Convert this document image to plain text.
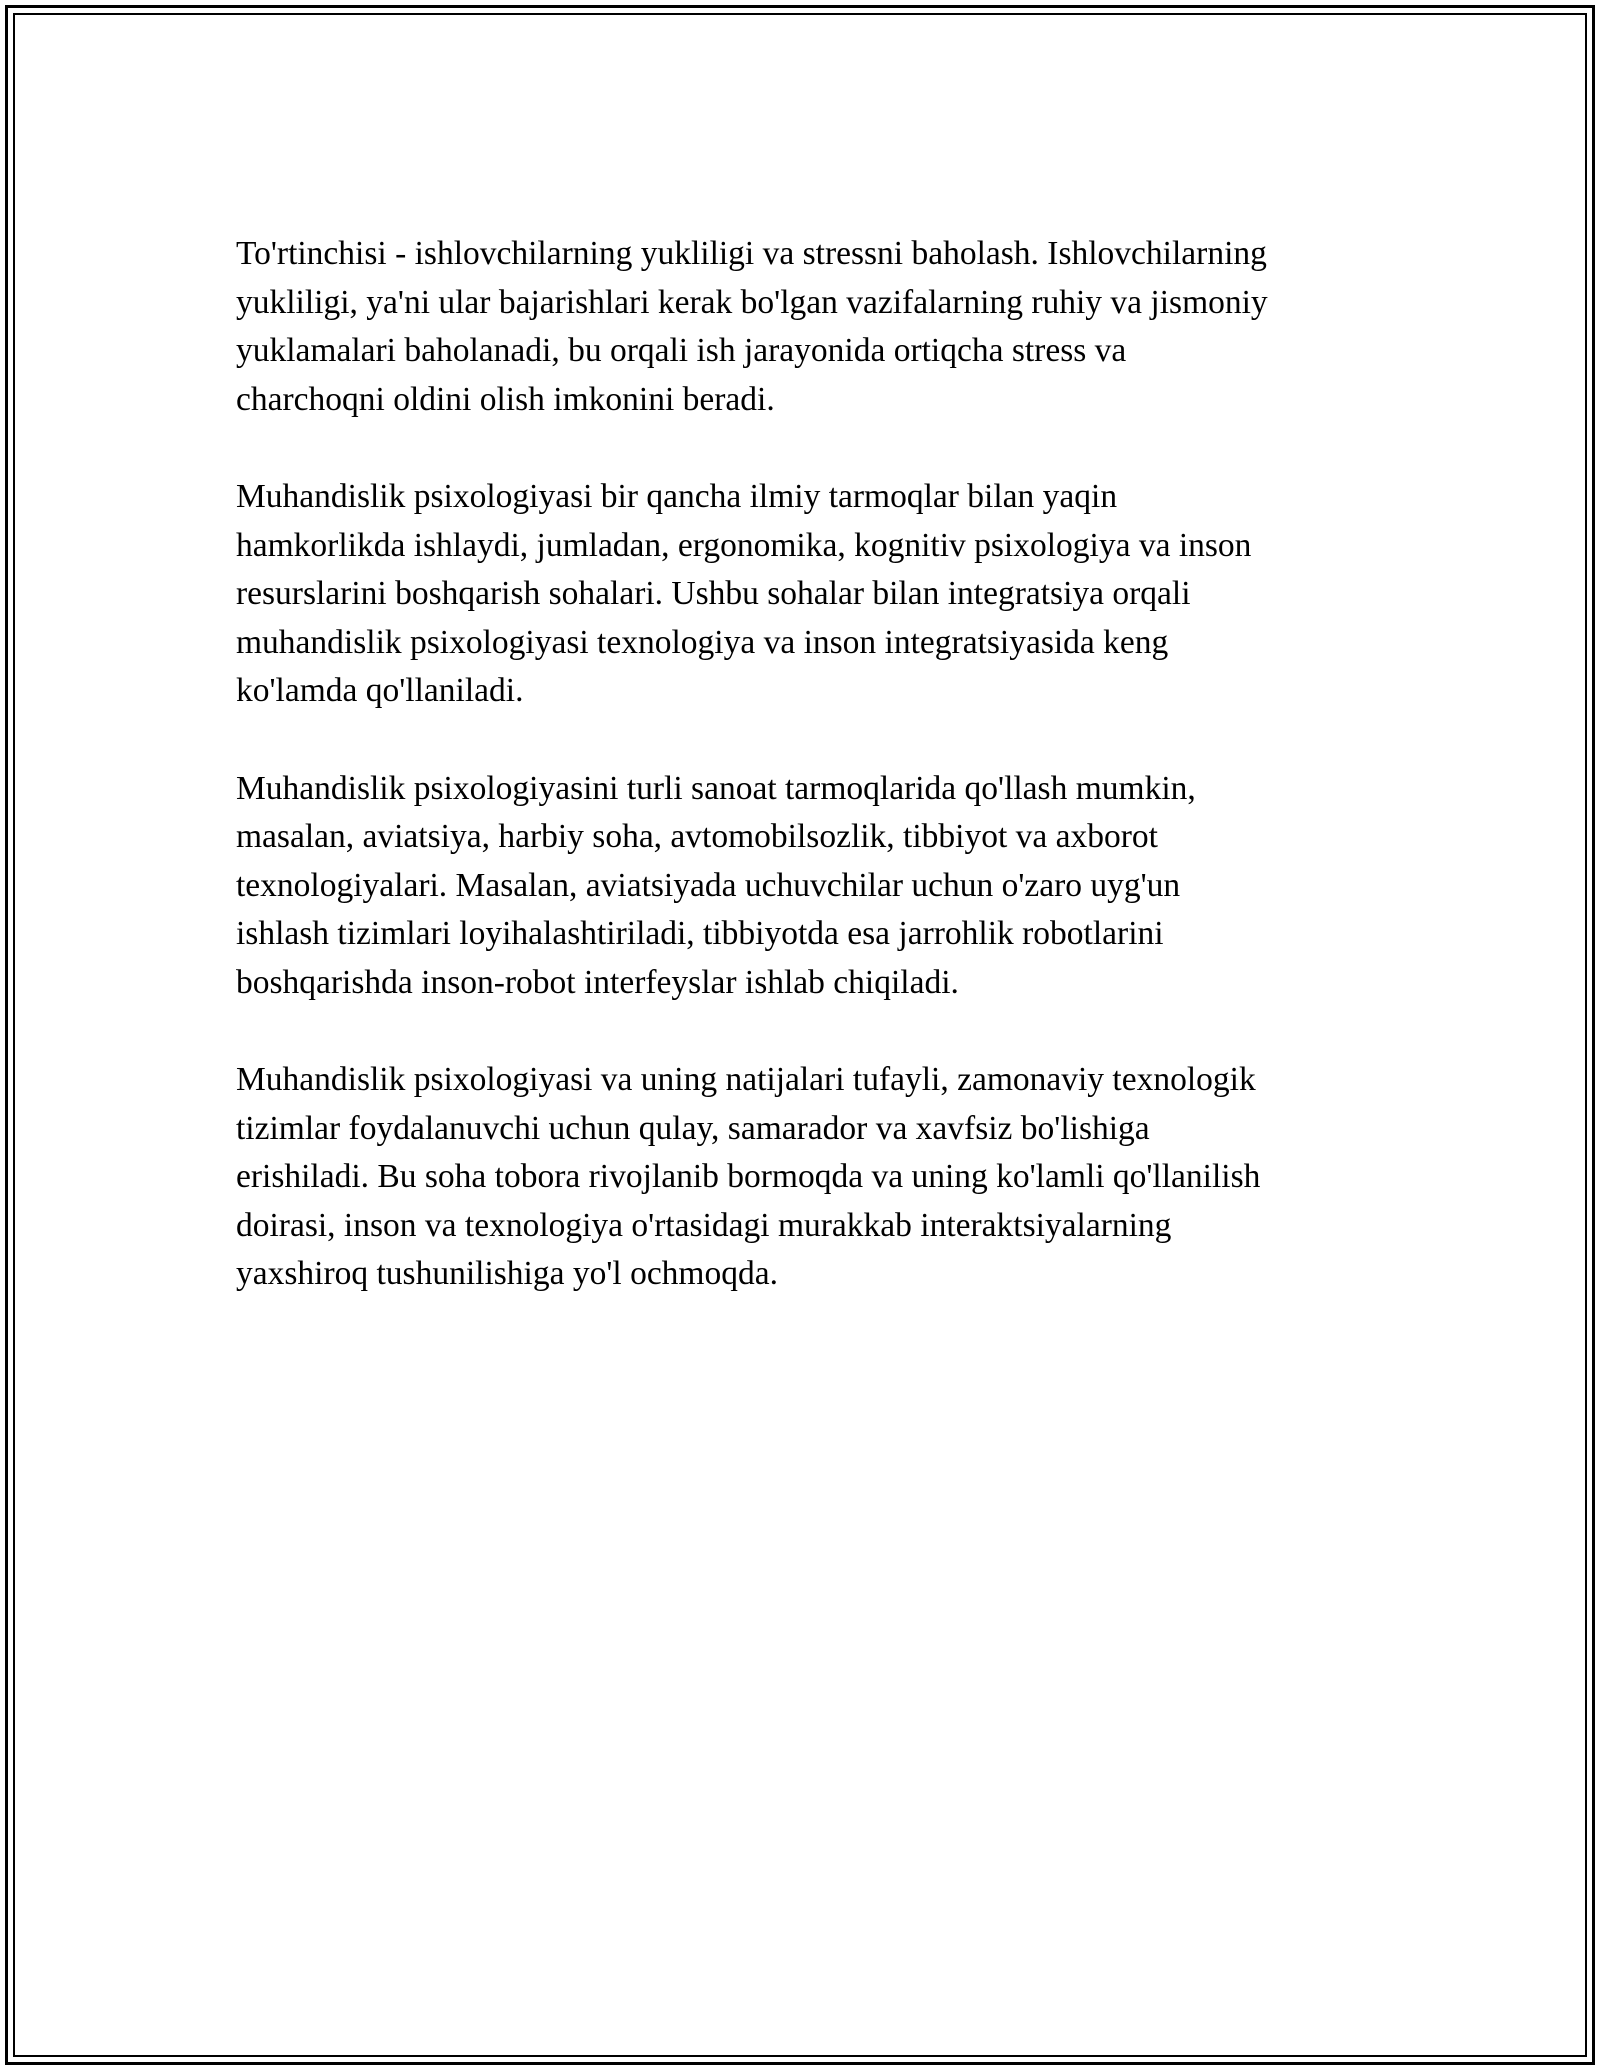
To'rtinchisi - ishlovchilarning yukliligi va stressni baholash. Ishlovchilarning
yukliligi, ya'ni ular bajarishlari kerak bo'lgan vazifalarning ruhiy va jismoniy
yuklamalari baholanadi, bu orqali ish jarayonida ortiqcha stress va
charchoqni oldini olish imkonini beradi.

Muhandislik psixologiyasi bir qancha ilmiy tarmoqlar bilan yaqin
hamkorlikda ishlaydi, jumladan, ergonomika, kognitiv psixologiya va inson
resurslarini boshqarish sohalari. Ushbu sohalar bilan integratsiya orqali
muhandislik psixologiyasi texnologiya va inson integratsiyasida keng
ko'lamda qo'llaniladi.

Muhandislik psixologiyasini turli sanoat tarmoqlarida qo'llash mumkin,
masalan, aviatsiya, harbiy soha, avtomobilsozlik, tibbiyot va axborot
texnologiyalari. Masalan, aviatsiyada uchuvchilar uchun o'zaro uyg'un
ishlash tizimlari loyihalashtiriladi, tibbiyotda esa jarrohlik robotlarini
boshqarishda inson-robot interfeyslar ishlab chiqiladi.

Muhandislik psixologiyasi va uning natijalari tufayli, zamonaviy texnologik
tizimlar foydalanuvchi uchun qulay, samarador va xavfsiz bo'lishiga
erishiladi. Bu soha tobora rivojlanib bormoqda va uning ko'lamli qo'llanilish
doirasi, inson va texnologiya o'rtasidagi murakkab interaktsiyalarning
yaxshiroq tushunilishiga yo'l ochmoqda.
